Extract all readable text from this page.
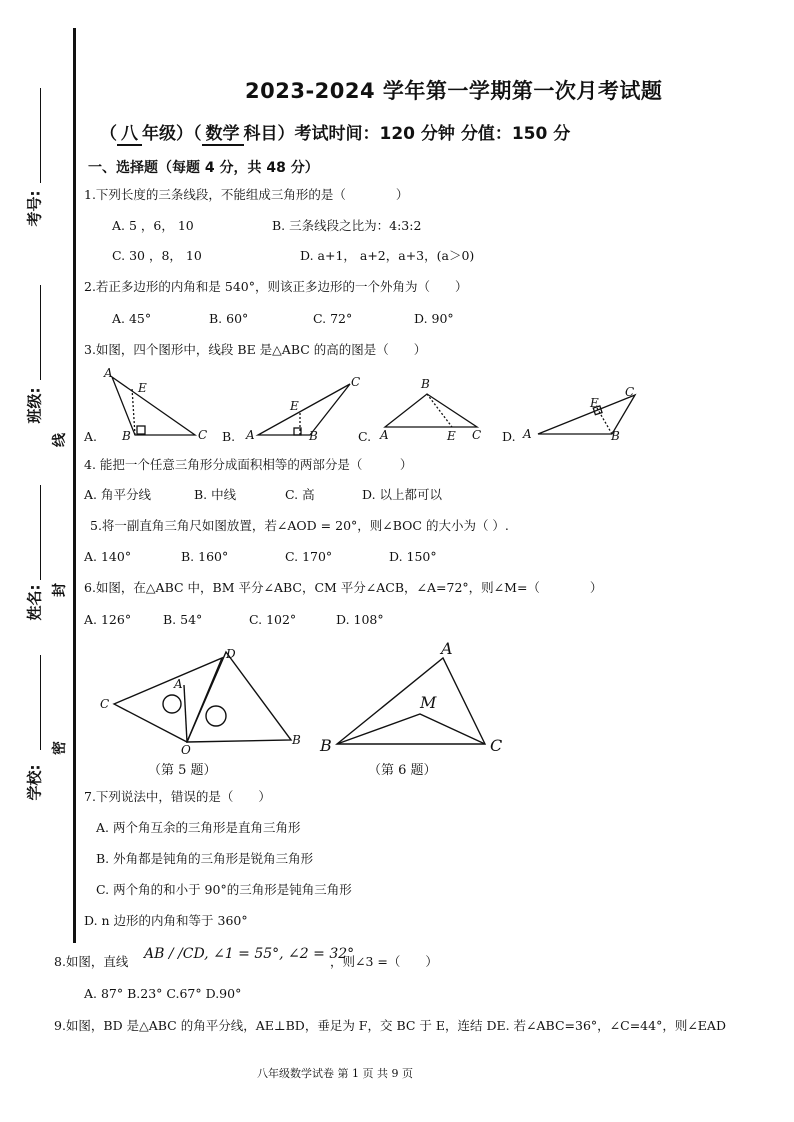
考号:
班级:
姓名:
学校:
线
封
密
2023-2024 学年第一学期第一次月考试题
（ 八 年级）（ 数学 科目）考试时间：120 分钟 分值：150 分
一、选择题（每题 4 分，共 48 分）
1.下列长度的三条线段，不能组成三角形的是（　　　　）
A. 5 ，6， 10	B. 三条线段之比为：4:3:2
C. 30 ，8， 10	D. a+1， a+2，a+3，(a＞0)
2.若正多边形的内角和是 540°，则该正多边形的一个外角为（　　）
A. 45°	B. 60°	C. 72°	D. 90°
3.如图，四个图形中，线段 BE 是△ABC 的高的图是（　　）
A
E
B	C	A
E
B
C	B
A	E C	A
E
B
C
A.	B.	C.	D.
4. 能把一个任意三角形分成面积相等的两部分是（　　　）
A. 角平分线	B. 中线	C. 高	D. 以上都可以
5.将一副直角三角尺如图放置，若∠AOD = 20°，则∠BOC 的大小为（ ）.
A. 140°	B. 160°	C. 170°	D. 150°
6.如图，在△ABC 中，BM 平分∠ABC，CM 平分∠ACB，∠A=72°，则∠M=（　　　　）
A. 126°	B. 54°	C. 102°	D. 108°
C
A
D
O
B
A
M
B	C
（第 5 题）	（第 6 题）
7.下列说法中，错误的是（　　）
A. 两个角互余的三角形是直角三角形
B. 外角都是钝角的三角形是锐角三角形
C. 两个角的和小于 90°的三角形是钝角三角形
D. n 边形的内角和等于 360°
8.如图，直线 AB / /CD, ∠1 = 55°, ∠2 = 32°
，则∠3 =（　　）
A. 87° B.23° C.67° D.90°
9.如图，BD 是△ABC 的角平分线，AE⊥BD，垂足为 F，交 BC 于 E，连结 DE. 若∠ABC=36°，∠C=44°，则∠EAD
八年级数学试卷 第 1 页 共 9 页
